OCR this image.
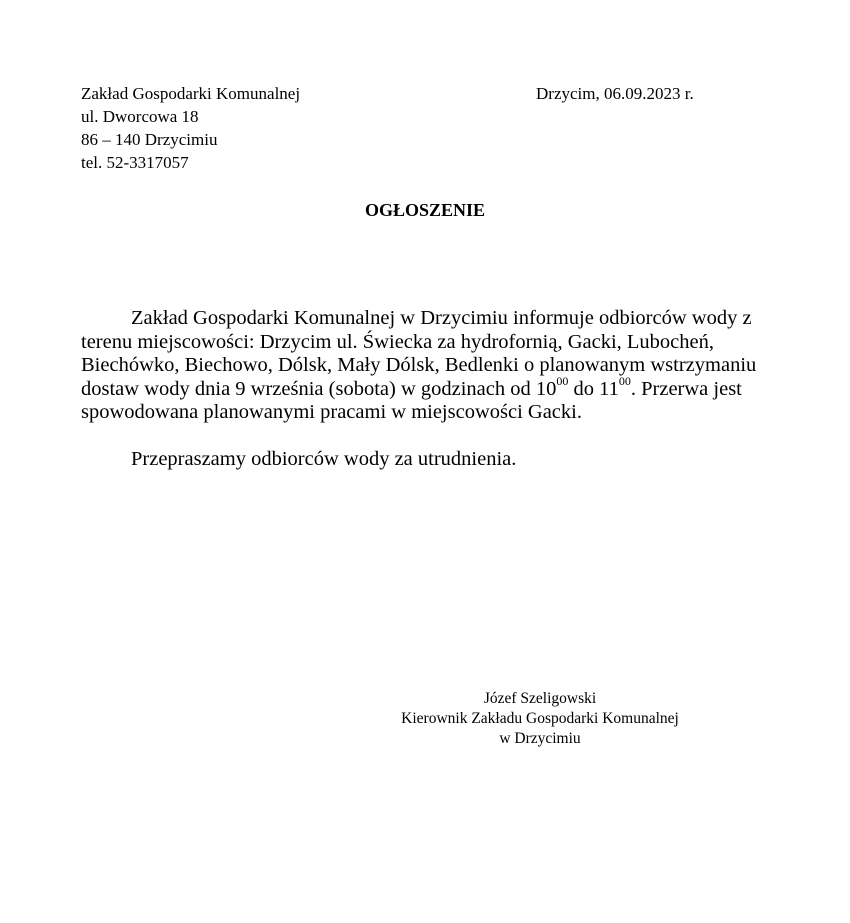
Zakład Gospodarki Komunalnej
ul. Dworcowa 18
86 – 140 Drzycimiu
tel. 52-3317057
Drzycim, 06.09.2023 r.
OGŁOSZENIE

Zakład Gospodarki Komunalnej w Drzycimiu informuje odbiorców wody z terenu miejscowości: Drzycim ul. Świecka za hydrofornią, Gacki, Lubocheń, Biechówko, Biechowo, Dólsk, Mały Dólsk, Bedlenki o planowanym wstrzymaniu dostaw wody dnia 9 września (sobota) w godzinach od $10^{00}$ do $11^{00}$. Przerwa jest spowodowana planowanymi pracami w miejscowości Gacki.

Przepraszamy odbiorców wody za utrudnienia.

Józef Szeligowski
Kierownik Zakładu Gospodarki Komunalnej
w Drzycimiu
